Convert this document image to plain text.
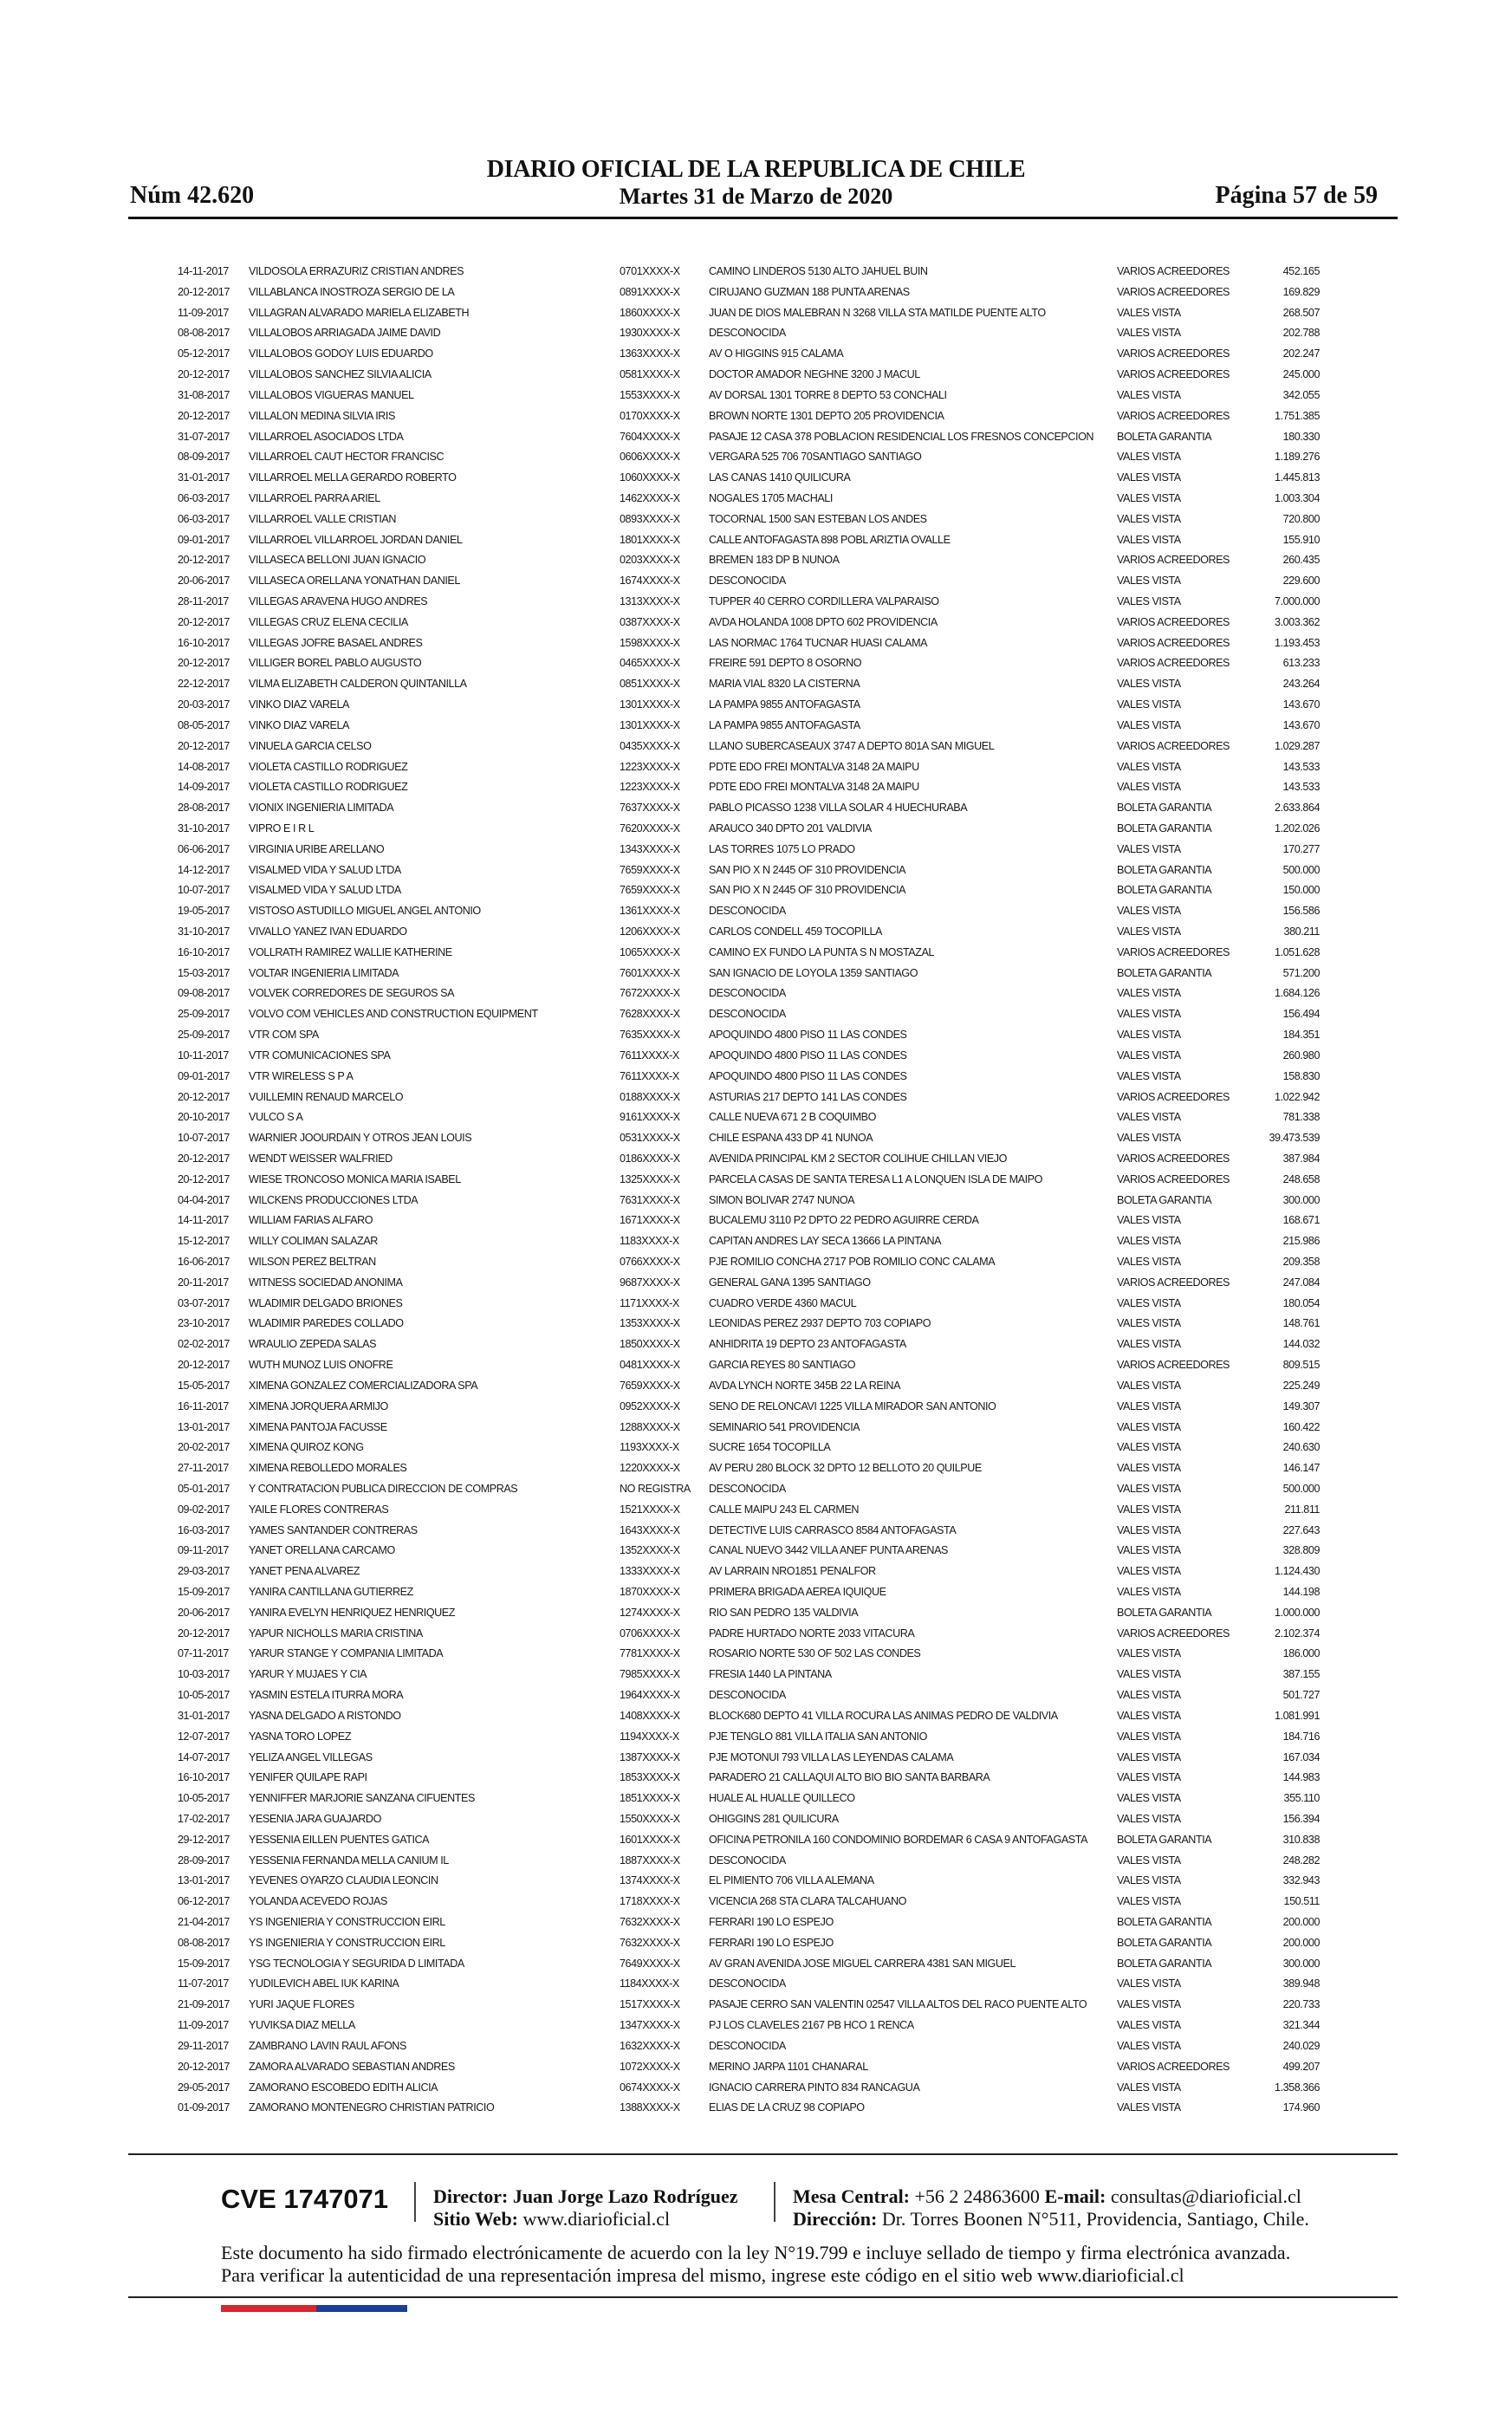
DIARIO OFICIAL DE LA REPUBLICA DE CHILE
Núm 42.620	Martes 31 de Marzo de 2020	Página 57 de 59
14-11-2017	VILDOSOLA ERRAZURIZ CRISTIAN ANDRES	0701XXXX-X	CAMINO LINDEROS 5130 ALTO JAHUEL BUIN	VARIOS ACREEDORES	452.165
20-12-2017	VILLABLANCA INOSTROZA SERGIO DE LA	0891XXXX-X	CIRUJANO GUZMAN 188 PUNTA ARENAS	VARIOS ACREEDORES	169.829
11-09-2017	VILLAGRAN ALVARADO MARIELA ELIZABETH	1860XXXX-X	JUAN DE DIOS MALEBRAN N 3268 VILLA STA MATILDE PUENTE ALTO	VALES VISTA	268.507
08-08-2017	VILLALOBOS ARRIAGADA JAIME DAVID	1930XXXX-X	DESCONOCIDA	VALES VISTA	202.788
05-12-2017	VILLALOBOS GODOY LUIS EDUARDO	1363XXXX-X	AV O HIGGINS 915 CALAMA	VARIOS ACREEDORES	202.247
20-12-2017	VILLALOBOS SANCHEZ SILVIA ALICIA	0581XXXX-X	DOCTOR AMADOR NEGHNE 3200 J MACUL	VARIOS ACREEDORES	245.000
31-08-2017	VILLALOBOS VIGUERAS MANUEL	1553XXXX-X	AV DORSAL 1301 TORRE 8 DEPTO 53 CONCHALI	VALES VISTA	342.055
20-12-2017	VILLALON MEDINA SILVIA IRIS	0170XXXX-X	BROWN NORTE 1301 DEPTO 205 PROVIDENCIA	VARIOS ACREEDORES	1.751.385
31-07-2017	VILLARROEL ASOCIADOS LTDA	7604XXXX-X	PASAJE 12 CASA 378 POBLACION RESIDENCIAL LOS FRESNOS CONCEPCION	BOLETA GARANTIA	180.330
08-09-2017	VILLARROEL CAUT HECTOR FRANCISC	0606XXXX-X	VERGARA 525 706 70SANTIAGO SANTIAGO	VALES VISTA	1.189.276
31-01-2017	VILLARROEL MELLA GERARDO ROBERTO	1060XXXX-X	LAS CANAS 1410 QUILICURA	VALES VISTA	1.445.813
06-03-2017	VILLARROEL PARRA ARIEL	1462XXXX-X	NOGALES 1705 MACHALI	VALES VISTA	1.003.304
06-03-2017	VILLARROEL VALLE CRISTIAN	0893XXXX-X	TOCORNAL 1500 SAN ESTEBAN LOS ANDES	VALES VISTA	720.800
09-01-2017	VILLARROEL VILLARROEL JORDAN DANIEL	1801XXXX-X	CALLE ANTOFAGASTA 898 POBL ARIZTIA OVALLE	VALES VISTA	155.910
20-12-2017	VILLASECA BELLONI JUAN IGNACIO	0203XXXX-X	BREMEN 183 DP B NUNOA	VARIOS ACREEDORES	260.435
20-06-2017	VILLASECA ORELLANA YONATHAN DANIEL	1674XXXX-X	DESCONOCIDA	VALES VISTA	229.600
28-11-2017	VILLEGAS ARAVENA HUGO ANDRES	1313XXXX-X	TUPPER 40 CERRO CORDILLERA VALPARAISO	VALES VISTA	7.000.000
20-12-2017	VILLEGAS CRUZ ELENA CECILIA	0387XXXX-X	AVDA HOLANDA 1008 DPTO 602 PROVIDENCIA	VARIOS ACREEDORES	3.003.362
16-10-2017	VILLEGAS JOFRE BASAEL ANDRES	1598XXXX-X	LAS NORMAC 1764 TUCNAR HUASI CALAMA	VARIOS ACREEDORES	1.193.453
20-12-2017	VILLIGER BOREL PABLO AUGUSTO	0465XXXX-X	FREIRE 591 DEPTO 8 OSORNO	VARIOS ACREEDORES	613.233
22-12-2017	VILMA ELIZABETH CALDERON QUINTANILLA	0851XXXX-X	MARIA VIAL 8320 LA CISTERNA	VALES VISTA	243.264
20-03-2017	VINKO DIAZ VARELA	1301XXXX-X	LA PAMPA 9855 ANTOFAGASTA	VALES VISTA	143.670
08-05-2017	VINKO DIAZ VARELA	1301XXXX-X	LA PAMPA 9855 ANTOFAGASTA	VALES VISTA	143.670
20-12-2017	VINUELA GARCIA CELSO	0435XXXX-X	LLANO SUBERCASEAUX 3747 A DEPTO 801A SAN MIGUEL	VARIOS ACREEDORES	1.029.287
14-08-2017	VIOLETA CASTILLO RODRIGUEZ	1223XXXX-X	PDTE EDO FREI MONTALVA 3148 2A MAIPU	VALES VISTA	143.533
14-09-2017	VIOLETA CASTILLO RODRIGUEZ	1223XXXX-X	PDTE EDO FREI MONTALVA 3148 2A MAIPU	VALES VISTA	143.533
28-08-2017	VIONIX INGENIERIA LIMITADA	7637XXXX-X	PABLO PICASSO 1238 VILLA SOLAR 4 HUECHURABA	BOLETA GARANTIA	2.633.864
31-10-2017	VIPRO E I R L	7620XXXX-X	ARAUCO 340 DPTO 201 VALDIVIA	BOLETA GARANTIA	1.202.026
06-06-2017	VIRGINIA URIBE ARELLANO	1343XXXX-X	LAS TORRES 1075 LO PRADO	VALES VISTA	170.277
14-12-2017	VISALMED VIDA Y SALUD LTDA	7659XXXX-X	SAN PIO X N 2445 OF 310 PROVIDENCIA	BOLETA GARANTIA	500.000
10-07-2017	VISALMED VIDA Y SALUD LTDA	7659XXXX-X	SAN PIO X N 2445 OF 310 PROVIDENCIA	BOLETA GARANTIA	150.000
19-05-2017	VISTOSO ASTUDILLO MIGUEL ANGEL ANTONIO	1361XXXX-X	DESCONOCIDA	VALES VISTA	156.586
31-10-2017	VIVALLO YANEZ IVAN EDUARDO	1206XXXX-X	CARLOS CONDELL 459 TOCOPILLA	VALES VISTA	380.211
16-10-2017	VOLLRATH RAMIREZ WALLIE KATHERINE	1065XXXX-X	CAMINO EX FUNDO LA PUNTA S N MOSTAZAL	VARIOS ACREEDORES	1.051.628
15-03-2017	VOLTAR INGENIERIA LIMITADA	7601XXXX-X	SAN IGNACIO DE LOYOLA 1359 SANTIAGO	BOLETA GARANTIA	571.200
09-08-2017	VOLVEK CORREDORES DE SEGUROS SA	7672XXXX-X	DESCONOCIDA	VALES VISTA	1.684.126
25-09-2017	VOLVO COM VEHICLES AND CONSTRUCTION EQUIPMENT	7628XXXX-X	DESCONOCIDA	VALES VISTA	156.494
25-09-2017	VTR COM SPA	7635XXXX-X	APOQUINDO 4800 PISO 11 LAS CONDES	VALES VISTA	184.351
10-11-2017	VTR COMUNICACIONES SPA	7611XXXX-X	APOQUINDO 4800 PISO 11 LAS CONDES	VALES VISTA	260.980
09-01-2017	VTR WIRELESS S P A	7611XXXX-X	APOQUINDO 4800 PISO 11 LAS CONDES	VALES VISTA	158.830
20-12-2017	VUILLEMIN RENAUD MARCELO	0188XXXX-X	ASTURIAS 217 DEPTO 141 LAS CONDES	VARIOS ACREEDORES	1.022.942
20-10-2017	VULCO S A	9161XXXX-X	CALLE NUEVA 671 2 B COQUIMBO	VALES VISTA	781.338
10-07-2017	WARNIER JOOURDAIN Y OTROS JEAN LOUIS	0531XXXX-X	CHILE ESPANA 433 DP 41 NUNOA	VALES VISTA	39.473.539
20-12-2017	WENDT WEISSER WALFRIED	0186XXXX-X	AVENIDA PRINCIPAL KM 2 SECTOR COLIHUE CHILLAN VIEJO	VARIOS ACREEDORES	387.984
20-12-2017	WIESE TRONCOSO MONICA MARIA ISABEL	1325XXXX-X	PARCELA CASAS DE SANTA TERESA L1 A LONQUEN ISLA DE MAIPO	VARIOS ACREEDORES	248.658
04-04-2017	WILCKENS PRODUCCIONES LTDA	7631XXXX-X	SIMON BOLIVAR 2747 NUNOA	BOLETA GARANTIA	300.000
14-11-2017	WILLIAM FARIAS ALFARO	1671XXXX-X	BUCALEMU 3110 P2 DPTO 22 PEDRO AGUIRRE CERDA	VALES VISTA	168.671
15-12-2017	WILLY COLIMAN SALAZAR	1183XXXX-X	CAPITAN ANDRES LAY SECA 13666 LA PINTANA	VALES VISTA	215.986
16-06-2017	WILSON PEREZ BELTRAN	0766XXXX-X	PJE ROMILIO CONCHA 2717 POB ROMILIO CONC CALAMA	VALES VISTA	209.358
20-11-2017	WITNESS SOCIEDAD ANONIMA	9687XXXX-X	GENERAL GANA 1395 SANTIAGO	VARIOS ACREEDORES	247.084
03-07-2017	WLADIMIR DELGADO BRIONES	1171XXXX-X	CUADRO VERDE 4360 MACUL	VALES VISTA	180.054
23-10-2017	WLADIMIR PAREDES COLLADO	1353XXXX-X	LEONIDAS PEREZ 2937 DEPTO 703 COPIAPO	VALES VISTA	148.761
02-02-2017	WRAULIO ZEPEDA SALAS	1850XXXX-X	ANHIDRITA 19 DEPTO 23 ANTOFAGASTA	VALES VISTA	144.032
20-12-2017	WUTH MUNOZ LUIS ONOFRE	0481XXXX-X	GARCIA REYES 80 SANTIAGO	VARIOS ACREEDORES	809.515
15-05-2017	XIMENA GONZALEZ COMERCIALIZADORA SPA	7659XXXX-X	AVDA LYNCH NORTE 345B 22 LA REINA	VALES VISTA	225.249
16-11-2017	XIMENA JORQUERA ARMIJO	0952XXXX-X	SENO DE RELONCAVI 1225 VILLA MIRADOR SAN ANTONIO	VALES VISTA	149.307
13-01-2017	XIMENA PANTOJA FACUSSE	1288XXXX-X	SEMINARIO 541 PROVIDENCIA	VALES VISTA	160.422
20-02-2017	XIMENA QUIROZ KONG	1193XXXX-X	SUCRE 1654 TOCOPILLA	VALES VISTA	240.630
27-11-2017	XIMENA REBOLLEDO MORALES	1220XXXX-X	AV PERU 280 BLOCK 32 DPTO 12 BELLOTO 20 QUILPUE	VALES VISTA	146.147
05-01-2017	Y CONTRATACION PUBLICA DIRECCION DE COMPRAS	NO REGISTRA	DESCONOCIDA	VALES VISTA	500.000
09-02-2017	YAILE FLORES CONTRERAS	1521XXXX-X	CALLE MAIPU 243 EL CARMEN	VALES VISTA	211.811
16-03-2017	YAMES SANTANDER CONTRERAS	1643XXXX-X	DETECTIVE LUIS CARRASCO 8584 ANTOFAGASTA	VALES VISTA	227.643
09-11-2017	YANET ORELLANA CARCAMO	1352XXXX-X	CANAL NUEVO 3442 VILLA ANEF PUNTA ARENAS	VALES VISTA	328.809
29-03-2017	YANET PENA ALVAREZ	1333XXXX-X	AV LARRAIN NRO1851 PENALFOR	VALES VISTA	1.124.430
15-09-2017	YANIRA CANTILLANA GUTIERREZ	1870XXXX-X	PRIMERA BRIGADA AEREA IQUIQUE	VALES VISTA	144.198
20-06-2017	YANIRA EVELYN HENRIQUEZ HENRIQUEZ	1274XXXX-X	RIO SAN PEDRO 135 VALDIVIA	BOLETA GARANTIA	1.000.000
20-12-2017	YAPUR NICHOLLS MARIA CRISTINA	0706XXXX-X	PADRE HURTADO NORTE 2033 VITACURA	VARIOS ACREEDORES	2.102.374
07-11-2017	YARUR STANGE Y COMPANIA LIMITADA	7781XXXX-X	ROSARIO NORTE 530 OF 502 LAS CONDES	VALES VISTA	186.000
10-03-2017	YARUR Y MUJAES Y CIA	7985XXXX-X	FRESIA 1440 LA PINTANA	VALES VISTA	387.155
10-05-2017	YASMIN ESTELA ITURRA MORA	1964XXXX-X	DESCONOCIDA	VALES VISTA	501.727
31-01-2017	YASNA DELGADO A RISTONDO	1408XXXX-X	BLOCK680 DEPTO 41 VILLA ROCURA LAS ANIMAS PEDRO DE VALDIVIA	VALES VISTA	1.081.991
12-07-2017	YASNA TORO LOPEZ	1194XXXX-X	PJE TENGLO 881 VILLA ITALIA SAN ANTONIO	VALES VISTA	184.716
14-07-2017	YELIZA ANGEL VILLEGAS	1387XXXX-X	PJE MOTONUI 793 VILLA LAS LEYENDAS CALAMA	VALES VISTA	167.034
16-10-2017	YENIFER QUILAPE RAPI	1853XXXX-X	PARADERO 21 CALLAQUI ALTO BIO BIO SANTA BARBARA	VALES VISTA	144.983
10-05-2017	YENNIFFER MARJORIE SANZANA CIFUENTES	1851XXXX-X	HUALE AL HUALLE QUILLECO	VALES VISTA	355.110
17-02-2017	YESENIA JARA GUAJARDO	1550XXXX-X	OHIGGINS 281 QUILICURA	VALES VISTA	156.394
29-12-2017	YESSENIA EILLEN PUENTES GATICA	1601XXXX-X	OFICINA PETRONILA 160 CONDOMINIO BORDEMAR 6 CASA 9 ANTOFAGASTA	BOLETA GARANTIA	310.838
28-09-2017	YESSENIA FERNANDA MELLA CANIUM IL	1887XXXX-X	DESCONOCIDA	VALES VISTA	248.282
13-01-2017	YEVENES OYARZO CLAUDIA LEONCIN	1374XXXX-X	EL PIMIENTO 706 VILLA ALEMANA	VALES VISTA	332.943
06-12-2017	YOLANDA ACEVEDO ROJAS	1718XXXX-X	VICENCIA 268 STA CLARA TALCAHUANO	VALES VISTA	150.511
21-04-2017	YS INGENIERIA Y CONSTRUCCION EIRL	7632XXXX-X	FERRARI 190 LO ESPEJO	BOLETA GARANTIA	200.000
08-08-2017	YS INGENIERIA Y CONSTRUCCION EIRL	7632XXXX-X	FERRARI 190 LO ESPEJO	BOLETA GARANTIA	200.000
15-09-2017	YSG TECNOLOGIA Y SEGURIDA D LIMITADA	7649XXXX-X	AV GRAN AVENIDA JOSE MIGUEL CARRERA 4381 SAN MIGUEL	BOLETA GARANTIA	300.000
11-07-2017	YUDILEVICH ABEL IUK KARINA	1184XXXX-X	DESCONOCIDA	VALES VISTA	389.948
21-09-2017	YURI JAQUE FLORES	1517XXXX-X	PASAJE CERRO SAN VALENTIN 02547 VILLA ALTOS DEL RACO PUENTE ALTO	VALES VISTA	220.733
11-09-2017	YUVIKSA DIAZ MELLA	1347XXXX-X	PJ LOS CLAVELES 2167 PB HCO 1 RENCA	VALES VISTA	321.344
29-11-2017	ZAMBRANO LAVIN RAUL AFONS	1632XXXX-X	DESCONOCIDA	VALES VISTA	240.029
20-12-2017	ZAMORA ALVARADO SEBASTIAN ANDRES	1072XXXX-X	MERINO JARPA 1101 CHANARAL	VARIOS ACREEDORES	499.207
29-05-2017	ZAMORANO ESCOBEDO EDITH ALICIA	0674XXXX-X	IGNACIO CARRERA PINTO 834 RANCAGUA	VALES VISTA	1.358.366
01-09-2017	ZAMORANO MONTENEGRO CHRISTIAN PATRICIO	1388XXXX-X	ELIAS DE LA CRUZ 98 COPIAPO	VALES VISTA	174.960
CVE 1747071 Director: Juan Jorge Lazo Rodríguez
Sitio Web: www.diarioficial.cl
Mesa Central: +56 2 24863600 E-mail: consultas@diarioficial.cl
Dirección: Dr. Torres Boonen N°511, Providencia, Santiago, Chile.
Este documento ha sido firmado electrónicamente de acuerdo con la ley N°19.799 e incluye sellado de tiempo y firma electrónica avanzada. Para verificar la autenticidad de una representación impresa del mismo, ingrese este código en el sitio web www.diarioficial.cl
